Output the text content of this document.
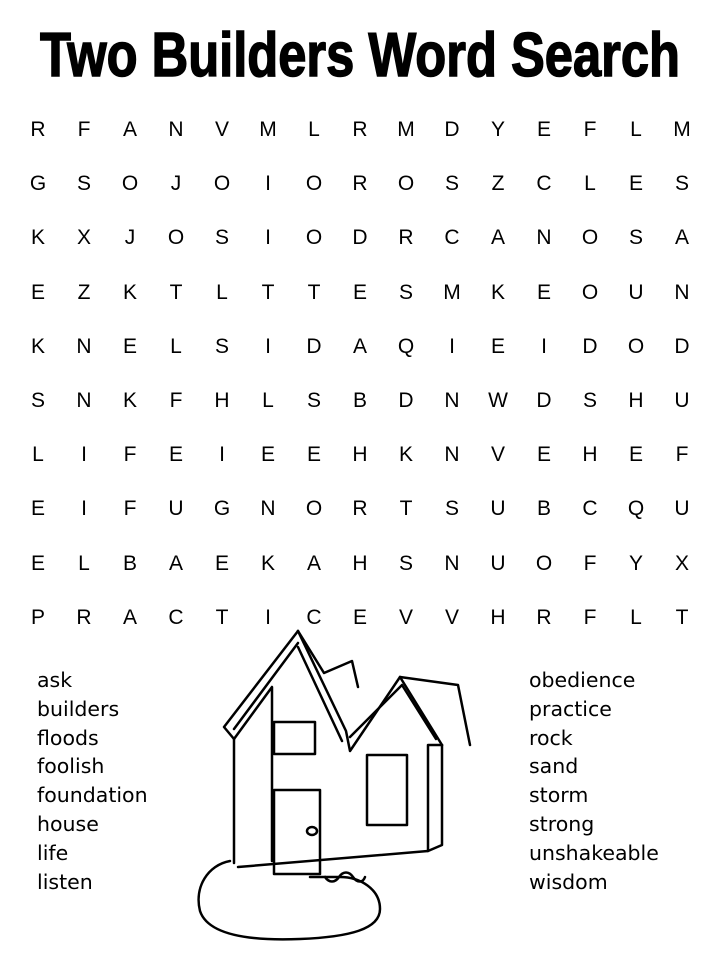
Two Builders Word Search
R	F	A	N	V	M	L	R	M	D	Y	E	F	L	M
G	S	O	J	O	I	O	R	O	S	Z	C	L	E	S
K	X	J	O	S	I	O	D	R	C	A	N	O	S	A
E	Z	K	T	L	T	T	E	S	M	K	E	O	U	N
K	N	E	L	S	I	D	A	Q	I	E	I	D	O	D
S	N	K	F	H	L	S	B	D	N	W	D	S	H	U
L	I	F	E	I	E	E	H	K	N	V	E	H	E	F
E	I	F	U	G	N	O	R	T	S	U	B	C	Q	U
E	L	B	A	E	K	A	H	S	N	U	O	F	Y	X
P	R	A	C	T	I	C	E	V	V	H	R	F	L	T
ask
builders
floods
foolish
foundation
house
life
listen
obedience
practice
rock
sand
storm
strong
unshakeable
wisdom
